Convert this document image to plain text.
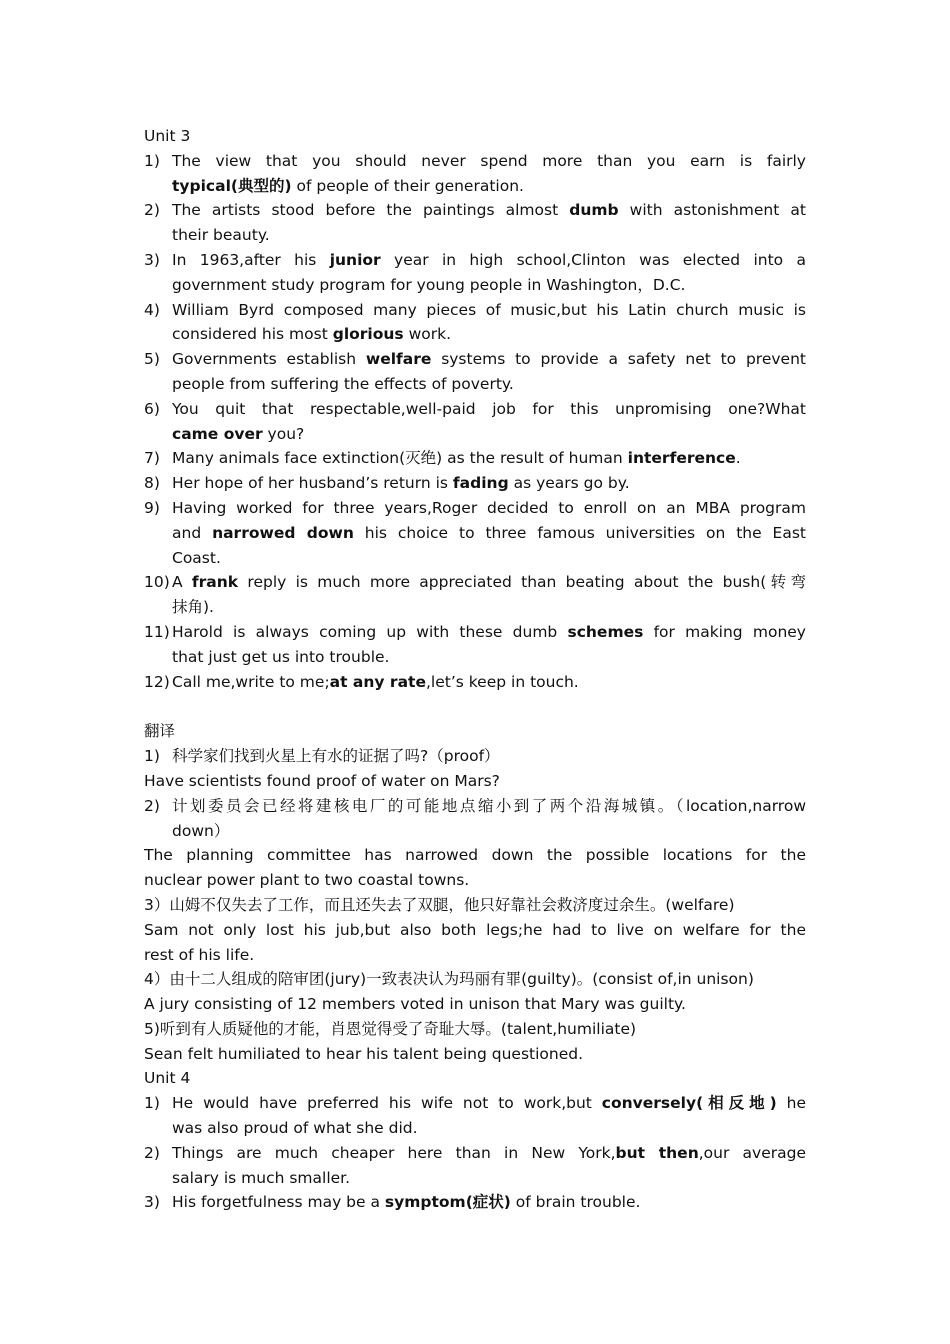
Unit 3
1) The view that you should never spend more than you earn is fairly
typical(典型的) of people of their generation.
2) The artists stood before the paintings almost dumb with astonishment at
their beauty.
3) In 1963,after his junior year in high school,Clinton was elected into a
government study program for young people in Washington，D.C.
4) William Byrd composed many pieces of music,but his Latin church music is
considered his most glorious work.
5) Governments establish welfare systems to provide a safety net to prevent
people from suffering the effects of poverty.
6) You quit that respectable,well-paid job for this unpromising one?What
came over you?
7) Many animals face extinction(灭绝) as the result of human interference.
8) Her hope of her husband’s return is fading as years go by.
9) Having worked for three years,Roger decided to enroll on an MBA program
and narrowed down his choice to three famous universities on the East
Coast.
10) A frank reply is much more appreciated than beating about the bush(转弯
抹角).
11) Harold is always coming up with these dumb schemes for making money
that just get us into trouble.
12) Call me,write to me;at any rate,let’s keep in touch.
翻译
1) 科学家们找到火星上有水的证据了吗?（proof）
Have scientists found proof of water on Mars?
2) 计划委员会已经将建核电厂的可能地点缩小到了两个沿海城镇。（location,narrow
down）
The planning committee has narrowed down the possible locations for the
nuclear power plant to two coastal towns.
3）山姆不仅失去了工作，而且还失去了双腿，他只好靠社会救济度过余生。(welfare)
Sam not only lost his jub,but also both legs;he had to live on welfare for the
rest of his life.
4）由十二人组成的陪审团(jury)一致表决认为玛丽有罪(guilty)。(consist of,in unison)
A jury consisting of 12 members voted in unison that Mary was guilty.
5)听到有人质疑他的才能，肖恩觉得受了奇耻大辱。(talent,humiliate)
Sean felt humiliated to hear his talent being questioned.
Unit 4
1) He would have preferred his wife not to work,but conversely(相反地) he
was also proud of what she did.
2) Things are much cheaper here than in New York,but then,our average
salary is much smaller.
3) His forgetfulness may be a symptom(症状) of brain trouble.
